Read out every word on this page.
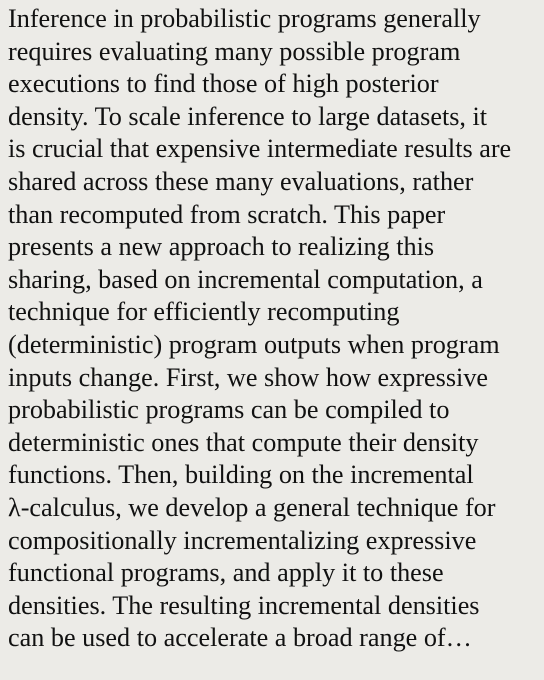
Inference in probabilistic programs generally
requires evaluating many possible program
executions to find those of high posterior
density. To scale inference to large datasets, it
is crucial that expensive intermediate results are
shared across these many evaluations, rather
than recomputed from scratch. This paper
presents a new approach to realizing this
sharing, based on incremental computation, a
technique for efficiently recomputing
(deterministic) program outputs when program
inputs change. First, we show how expressive
probabilistic programs can be compiled to
deterministic ones that compute their density
functions. Then, building on the incremental
λ-calculus, we develop a general technique for
compositionally incrementalizing expressive
functional programs, and apply it to these
densities. The resulting incremental densities
can be used to accelerate a broad range of…
